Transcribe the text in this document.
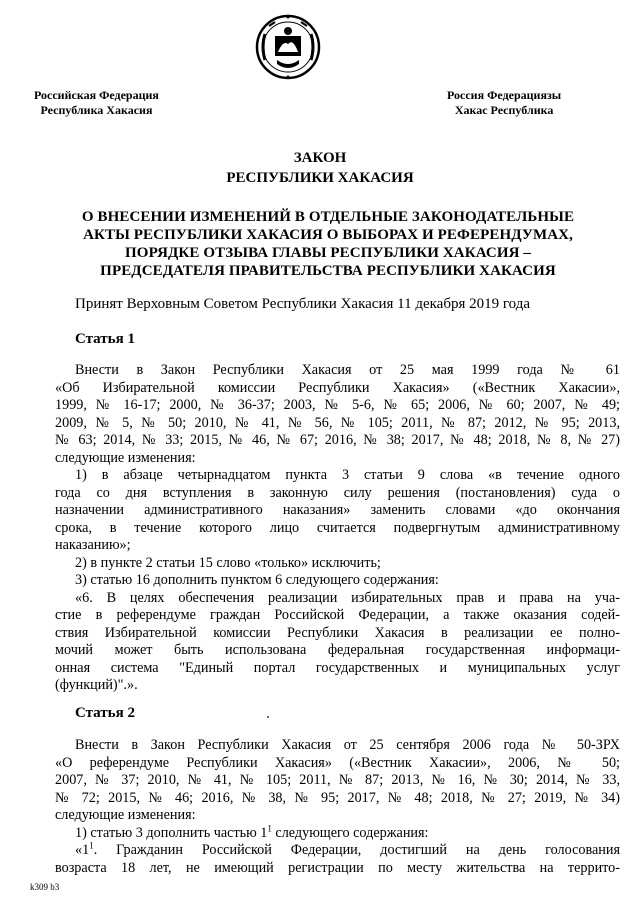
Российская Федерация
Республика Хакасия
Россия Федерациязы
Хакас Республика
ЗАКОН
РЕСПУБЛИКИ ХАКАСИЯ
О ВНЕСЕНИИ ИЗМЕНЕНИЙ В ОТДЕЛЬНЫЕ ЗАКОНОДАТЕЛЬНЫЕ
АКТЫ РЕСПУБЛИКИ ХАКАСИЯ О ВЫБОРАХ И РЕФЕРЕНДУМАХ,
ПОРЯДКЕ ОТЗЫВА ГЛАВЫ РЕСПУБЛИКИ ХАКАСИЯ –
ПРЕДСЕДАТЕЛЯ ПРАВИТЕЛЬСТВА РЕСПУБЛИКИ ХАКАСИЯ
Принят Верховным Советом Республики Хакасия 11 декабря 2019 года
Статья 1

Внести в Закон Республики Хакасия от 25 мая 1999 года № 61

«Об Избирательной комиссии Республики Хакасия» («Вестник Хакасии»,

1999, № 16-17; 2000, № 36-37; 2003, № 5-6, № 65; 2006, № 60; 2007, № 49;

2009, № 5, № 50; 2010, № 41, № 56, № 105; 2011, № 87; 2012, № 95; 2013,

№ 63; 2014, № 33; 2015, № 46, № 67; 2016, № 38; 2017, № 48; 2018, № 8, № 27)

следующие изменения:

1) в абзаце четырнадцатом пункта 3 статьи 9 слова «в течение одного

года со дня вступления в законную силу решения (постановления) суда о

назначении административного наказания» заменить словами «до окончания

срока, в течение которого лицо считается подвергнутым административному

наказанию»;

2) в пункте 2 статьи 15 слово «только» исключить;

3) статью 16 дополнить пунктом 6 следующего содержания:

«6. В целях обеспечения реализации избирательных прав и права на уча-

стие в референдуме граждан Российской Федерации, а также оказания содей-

ствия Избирательной комиссии Республики Хакасия в реализации ее полно-

мочий может быть использована федеральная государственная информаци-

онная система "Единый портал государственных и муниципальных услуг

(функций)".».

Статья 2

Внести в Закон Республики Хакасия от 25 сентября 2006 года № 50-ЗРХ

«О референдуме Республики Хакасия» («Вестник Хакасии», 2006, № 50;

2007, № 37; 2010, № 41, № 105; 2011, № 87; 2013, № 16, № 30; 2014, № 33,

№ 72; 2015, № 46; 2016, № 38, № 95; 2017, № 48; 2018, № 27; 2019, № 34)

следующие изменения:

1) статью 3 дополнить частью $1^1$ следующего содержания:

«$1^1$. Гражданин Российской Федерации, достигший на день голосования

возраста 18 лет, не имеющий регистрации по месту жительства на террито-

k309 b3
